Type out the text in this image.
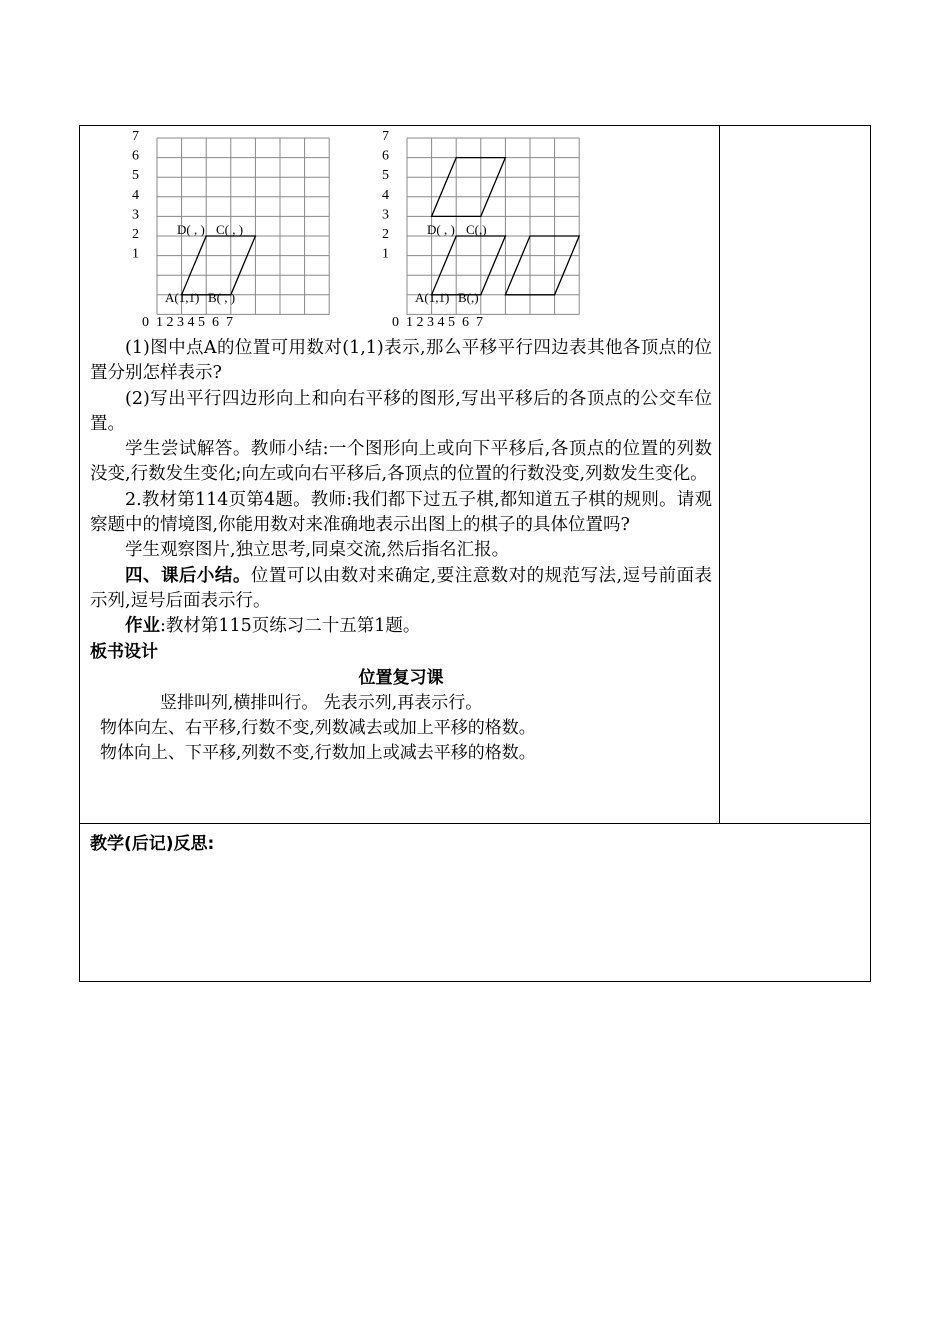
7
6
5
4
3
2
1
0  1 2 3 4 5  6  7
D( , ) C( , )
A(1,1) B( , )
7
6
5
4
3
2
1
0  1 2 3 4 5  6  7
D( , ) C(,)
A(1,1) B(,)

(1)图中点A的位置可用数对(1,1)表示,那么平移平行四边表其他各顶点的位置分别怎样表示?

(2)写出平行四边形向上和向右平移的图形,写出平移后的各顶点的公交车位置。

学生尝试解答。教师小结:一个图形向上或向下平移后,各顶点的位置的列数没变,行数发生变化;向左或向右平移后,各顶点的位置的行数没变,列数发生变化。

2.教材第114页第4题。教师:我们都下过五子棋,都知道五子棋的规则。请观察题中的情境图,你能用数对来准确地表示出图上的棋子的具体位置吗?

学生观察图片,独立思考,同桌交流,然后指名汇报。

四、课后小结。位置可以由数对来确定,要注意数对的规范写法,逗号前面表示列,逗号后面表示行。

作业:教材第115页练习二十五第1题。

板书设计

位置复习课

竖排叫列,横排叫行。 先表示列,再表示行。

物体向左、右平移,行数不变,列数减去或加上平移的格数。

物体向上、下平移,列数不变,行数加上或减去平移的格数。

教学(后记)反思:
